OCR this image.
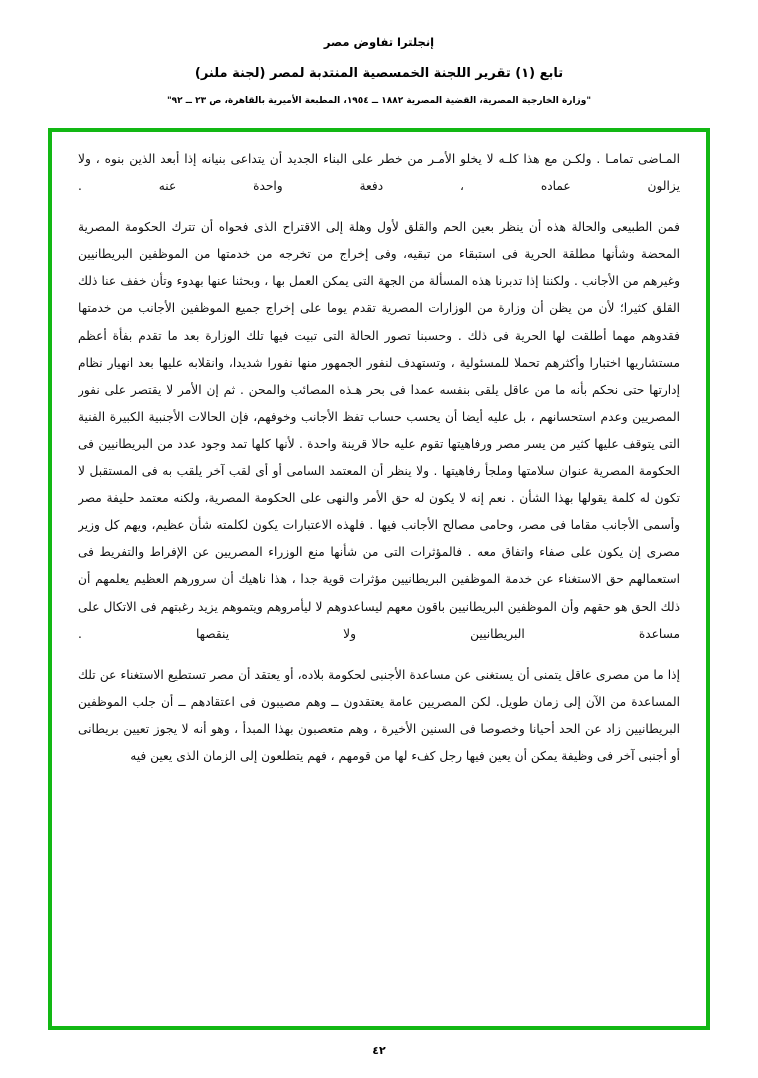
إنجلترا تفاوض مصر
تابع (١) تقرير اللجنة الخمسصية المنتدبة لمصر (لجنة ملنر)
"وزارة الخارجية المصرية، القضية المصرية ١٨٨٢ ــ ١٩٥٤، المطبعة الأميرية بالقاهرة، ص ٢٣ ــ ٩٢"

المـاضى تمامـا . ولكـن مع هذا كلـه لا يخلو الأمـر من خطر على البناء الجديد أن يتداعى بنيانه إذا أبعد الذين بنوه ، ولا يزالون عماده ، دفعة واحدة عنه .

فمن الطبيعى والحالة هذه أن ينظر بعين الحم والقلق لأول وهلة إلى الاقتراح الذى فحواه أن تترك الحكومة المصرية المحضة وشأنها مطلقة الحرية فى استبقاء من تبقيه، وفى إخراج من تخرجه من خدمتها من الموظفين البريطانيين وغيرهم من الأجانب . ولكننا إذا تدبرنا هذه المسألة من الجهة التى يمكن العمل بها ، وبحثنا عنها بهدوء وتأن خفف عنا ذلك القلق كثيرا؛ لأن من يظن أن وزارة من الوزارات المصرية تقدم يوما على إخراج جميع الموظفين الأجانب من خدمتها فقدوهم مهما أطلقت لها الحرية فى ذلك . وحسبنا تصور الحالة التى تبيت فيها تلك الوزارة بعد ما تقدم بفأة أعظم مستشاريها اختبارا وأكثرهم تحملا للمسئولية ، وتستهدف لنفور الجمهور منها نفورا شديدا، وانقلابه عليها بعد انهيار نظام إدارتها حتى نحكم بأنه ما من عاقل يلقى بنفسه عمدا فى بحر هـذه المصائب والمحن . ثم إن الأمر لا يقتصر على نفور المصريين وعدم استحسانهم ، بل عليه أيضا أن يحسب حساب تفظ الأجانب وخوفهم، فإن الحالات الأجنبية الكبيرة الفنية التى يتوقف عليها كثير من يسر مصر ورفاهيتها تقوم عليه حالا قرينة واحدة . لأنها كلها تمد وجود عدد من البريطانيين فى الحكومة المصرية عنوان سلامتها وملجأ رفاهيتها . ولا ينظر أن المعتمد السامى أو أى لقب آخر يلقب به فى المستقبل لا تكون له كلمة يقولها بهذا الشأن . نعم إنه لا يكون له حق الأمر والنهى على الحكومة المصرية، ولكنه معتمد حليفة مصر وأسمى الأجانب مقاما فى مصر، وحامى مصالح الأجانب فيها . فلهذه الاعتبارات يكون لكلمته شأن عظيم، ويهم كل وزير مصرى إن يكون على صفاء واتفاق معه . فالمؤثرات التى من شأنها منع الوزراء المصريين عن الإفراط والتفريط فى استعمالهم حق الاستغناء عن خدمة الموظفين البريطانيين مؤثرات قوية جدا ، هذا ناهيك أن سرورهم العظيم يعلمهم أن ذلك الحق هو حقهم وأن الموظفين البريطانيين باقون معهم ليساعدوهم لا ليأمروهم ويتموهم يزيد رغبتهم فى الاتكال على مساعدة البريطانيين ولا ينقصها .

إذا ما من مصرى عاقل يتمنى أن يستغنى عن مساعدة الأجنبى لحكومة بلاده، أو يعتقد أن مصر تستطيع الاستغناء عن تلك المساعدة من الآن إلى زمان طويل. لكن المصريين عامة يعتقدون ــ وهم مصيبون فى اعتقادهم ــ أن جلب الموظفين البريطانيين زاد عن الحد أحيانا وخصوصا فى السنين الأخيرة ، وهم متعصبون بهذا المبدأ ، وهو أنه لا يجوز تعيين بريطانى أو أجنبى آخر فى وظيفة يمكن أن يعين فيها رجل كفء لها من قومهم ، فهم يتطلعون إلى الزمان الذى يعين فيه

٤٢
